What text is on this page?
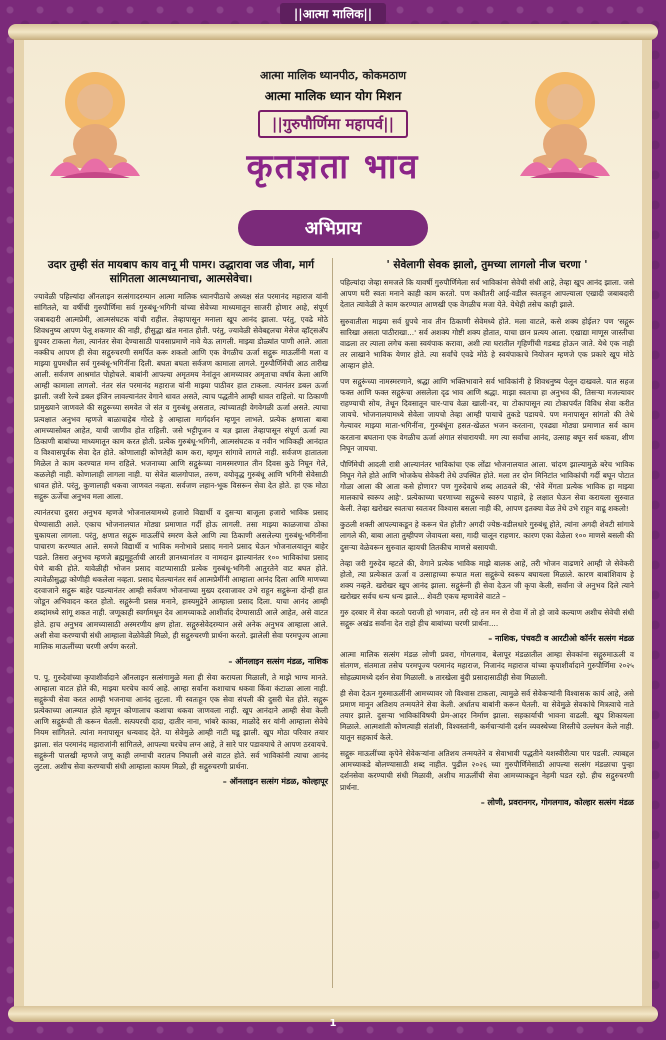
||आत्मा मालिक||
आत्मा मालिक ध्यानपीठ, कोकमठाण
आत्मा मालिक ध्यान योग मिशन
||गुरुपौर्णिमा महापर्व||
कृतज्ञता भाव
अभिप्राय
उदार तुम्ही संत मायबाप काय वानू मी पामर। उद्धारावा जड जीवा, मार्ग सांगितला आत्मध्यानाचा, आत्मसेवेचा।

ज्यावेळी पहिल्यांदा ऑनलाइन सत्संगादरम्यान आत्मा मालिक ध्यानपीठाचे अध्यक्ष संत परमानंद महाराज यांनी सांगितले, या वर्षीची गुरुपौर्णिमा सर्व गुरुबंधू-भगिनी यांच्या सेवेच्या माध्यमातून साजरी होणार आहे, संपूर्ण जबाबदारी आत्मप्रेमी, आत्मसंघटक यांची राहील. तेव्हापासून मनाला खूप आनंद झाला. परंतु, एवढे मोठे शिवधनुष्य आपण पेलू शकणार की नाही, हीसुद्धा खंत मनात होती. परंतु, ज्यावेळी सेवेबद्दलचा मेसेज व्हॉट्सअ‍ॅप ग्रुपवर टाकला गेला, त्यानंतर सेवा देण्यासाठी पावसाप्रमाणे नावे येऊ लागली. माझ्या डोळ्यांत पाणी आले. आता नक्कीच आपण ही सेवा सद्गुरुचरणी समर्पित करू शकतो आणि एक वेगळीच ऊर्जा सद्गुरू माऊलींनी मला व माझ्या ग्रुपमधील सर्व गुरुबंधू-भगिनींना दिली. बघता बघता सर्वजण कामाला लागले. गुरुपौर्णिमेची आठ तारीख आली. सर्वजण आश्रमांत पोहोचले. बाबांनी आपल्या अमृतमय नेनांतून आमच्यावर अमृताचा वर्षाव केला आणि आम्ही कामाला लागलो. नंतर संत परमानंद महाराज यांनी माझ्या पाठीवर हात टाकला. त्यानंतर डबल ऊर्जा झाली. जशी रेल्वे डबल इंजिन लावल्यानंतर वेगाने धावत असते, त्याच पद्धतीने आम्ही धावत राहिलो. या ठिकाणी प्रामुख्याने जाणवले की सद्गुरूच्या समवेत जे संत व गुरुबंधू असतात, त्यांच्यातही वेगवेगळी ऊर्जा असते. त्याचा प्रत्यक्षात अनुभव म्हणजे बाळाचाहेब गोरडे हे आम्हाला मार्गदर्शन म्हणून लाभले. प्रत्येक क्षणाला बाबा आमच्यासोबत आहेत, याची जाणीव होत राहिली. जसे भट्टीपूजन व यज्ञ झाला तेव्हापासून संपूर्ण ऊर्जा त्या ठिकाणी बाबांच्या माध्यमातून काम करत होती. प्रत्येक गुरुबंधू-भगिनी, आत्मसंघटक व नवीन भाविकही आनंदात व विश्वासपूर्वक सेवा देत होते. कोणालाही कोणतेही काम करा, म्हणून सांगावे लागले नाही. सर्वजण हातातला मिळेल ते काम करण्यात मग्न राहिले. भजनाच्या आणि सद्गुरूंच्या नामस्मरणात तीन दिवस कुठे निघून गेले, कळलेही नाही. कोणालाही लागला नाही. या सेवेत बालगोपाल, तरुण, वयोवृद्ध गुरुबंधू आणि भगिनी सेवेसाठी धावत होते. परंतु, कुणालाही थकवा जाणवत नव्हता. सर्वजण लहान-भूक विसरून सेवा देत होते. हा एक मोठा सद्गुरू ऊर्जेचा अनुभव मला आला.

त्यानंतरचा दुसरा अनुभव म्हणजे भोजनालयामध्ये हजारो विद्यार्थी व दुसऱ्या बाजूला हजारो भाविक प्रसाद घेण्यासाठी आले. एकाच भोजनालयात मोठ्या प्रमाणात गर्दी होऊ लागली. तसा माझ्या काळजाचा ठोका चुकायला लागला. परंतु, क्षणात सद्गुरू माऊलींचे स्मरण केले आणि त्या ठिकाणी असलेल्या गुरुबंधू-भगिनींना पाचारण करण्यात आले. समजे विद्यार्थी व भाविक मनोभावे प्रसाद मनाने प्रसाद घेऊन भोजनालयातून बाहेर पडले. तिसरा अनुभव म्हणजे ब्रह्ममुहूर्ताची आरती ज्ञानध्यानांतर व नामदान झाल्यानंतर १०० भाविकांचा प्रसाद घेणे बाकी होते. यावेळीही भोजन प्रसाद वाटप्यासाठी प्रत्येक गुरुबंधू-भगिनी आतुरतेने वाट बघत होते. त्यावेळीसुद्धा कोणीही थकलेला नव्हता. प्रसाद घेतल्यानंतर सर्व आत्मप्रेमींनी आम्हाला आनंद दिला आणि माणच्या दरवाजाने सद्गुरू बाहेर पडल्यानंतर आम्ही सर्वजण भोजनाच्या मुख्य दरवाजावर उभे राहून सद्गुरूंना दोन्ही हात जोडून अभिवादन करत होतो. सद्गुरूंनी प्रसन्न मनाने, हास्यमुद्रेने आम्हाला प्रसाद दिला. याचा आनंद आम्ही शब्दांमध्ये सांगू शकत नाही. जणूकाही स्वर्गामधून देव आमच्याकडे आशीर्वाद देण्यासाठी आले आहेत, असे वाटत होते. हाच अनुभव आमच्यासाठी अस्मरणीय क्षण होता. सद्गुरुसेवेदरम्यान असे अनेक अनुभव आम्हाला आले. अशी सेवा करण्याची संधी आम्हाला वेळोवेळी मिळो, ही सद्गुरुचरणी प्रार्थना करतो. झालेली सेवा परमपूज्य आत्मा मालिक माऊलींच्या चरणी अर्पण करतो.

– ऑनलाइन सत्संग मंडळ, नाशिक

प. पू. गुरुदेवांच्या कृपाशीर्वादाने ऑनलाइन सत्संगामुळे मला ही सेवा करायला मिळाली, ते माझे भाग्य मानते. आम्हाला वाटत होते की, माझ्या घरचेच कार्य आहे. आम्हा सर्वांना कशाचाच थकवा किंवा कंटाळा आला नाही. सद्गुरूंची सेवा करत आम्ही भजनाचा आनंद लुटला. मी स्वतःहून एक सेवा संपली की दुसरी घेत होते. सद्गुरू प्रत्येकाच्या आत्म्यात होते म्हणून कोणालाच कशाचा थकवा जाणवला नाही. खूप आनंदाने आम्ही सेवा केली आणि सद्गुरूंची ती करून घेतली. सत्पयरची दादा, दातीर नाना, भांबरे काका, माळोदे सर यांनी आम्हाला सेवेचे नियम सांगितले. त्यांना मनापासून धन्यवाद देते. या सेवेमुळे आम्ही नाटी घडू झाली. खूप मोठा परिवार तयार झाला. संत परमानंद महाराजांनी सांगितले, आपल्या घरचेच लग्न आहे, ते सारे पार पडावयाचे ते आपण ठरवायचे. सद्गुरूंनी पालखी म्हणजे जणू काही लग्नाची वरातच निघाली असे वाटत होते. सर्व भाविकांनी त्याचा आनंद लुटला. अशीच सेवा करण्याची संधी आम्हाला कायम मिळो, ही सद्गुरुचरणी प्रार्थना.

– ऑनलाइन सत्संग मंडळ, कोल्हापूर
' सेवेलागी सेवक झालो, तुमच्या लागलो नीज चरणा '

पहिल्यांदा जेव्हा समजले कि यावर्षी गुरुपौर्णिमेला सर्व भाविकांना सेवेची संधी आहे, तेव्हा खूप आनंद झाला. जसे आपण घरी स्वतः मनाने काही काम करतो. पण कधीतरी आई-वडील स्वतःहून आपल्याला एखादी जबाबदारी देतात त्यावेळी ते काम करण्यात आणखी एक वेगळीच मजा येते. येथेही तसेच काही झाले.

सुरुवातीला माझ्या सर्व ग्रुपचे नाव तीन ठिकाणी सेवेमध्ये होते. मला वाटले, कसे शक्य होईल? पण 'सद्गुरू सारिखा असता पाठीराखा...' सर्व अशक्य गोष्टी शक्य होतात, याचा छान प्रत्यय आला. एखाद्या माणूस जास्तीचा वाढला तर त्याला लगेच कसा स्वयंपाक करावा, अशी त्या घरातील गृहिणींची गडबड होऊन जाते. येथे एक नाही तर लाखाने भाविक येणार होते. त्या सर्वांचे एवढे मोठे हे स्वयंपाकाचे नियोजन म्हणजे एक प्रकारे खूप मोठे आव्हान होते.

पण सद्गुरूंच्या नामस्मरणाने, श्रद्धा आणि भक्तिभावाने सर्व भाविकांनी हे शिवधनुष्य पेलून दाखवले. यात सहज फक्त आणि फक्त सद्गुरूंचा असलेला दृढ भाव आणि श्रद्धा. माझा स्वतःचा हा अनुभव की, तिसऱ्या मजल्यावर राहण्याची सोय, तेथून दिवसातून चार-पाच वेळा खाली-वर, या टोकापासून त्या टोकापर्यंत विविध सेवा करीत जायचे. भोजनालयामध्ये सेवेला जायचो तेव्हा आम्ही पायाचे तुकडे पडायचे. पण मनापासून सांगतो की तेथे गेल्यावर माझ्या माता-भगिनींना, गुरुबंधूंना हसत-खेळत भजन करताना, एवढ्या मोठ्या प्रमाणात सर्व काम करताना बघताना एक वेगळीच ऊर्जा अंगात संचारायची. मग त्या सर्वांचा आनंद, उत्साह बघून सर्व थकवा, शीण निघून जायचा.

पौर्णिमेची आदली रात्री आल्यानंतर भाविकांचा एक लोंढा भोजनालयात आला. चांदण झाल्यामुळे बरेच भाविक निघून गेले होते आणि भोजकेच सेवेकरी तेथे उपस्थित होते. मला तर दोन मिनिटांत भाविकांची गर्दी बघून पोटात गोळा आला की आता कसे होणार? पण गुरुदेवाचे शब्द आठवले की, 'सेवे मेंगता प्रत्येक भाविक हा माझ्या मालकाचे स्वरूप आहे'. प्रत्येकाच्या चरणाच्या सद्गुरूचे स्वरुप पाहावे, हे लक्षात घेऊन सेवा करायला सुरुवात केली. तेव्हा खरोखर स्वतःचा स्वतःवर विश्वास बसला नाही की, आपण इतक्या वेळ तेथे उभे राहून वाढू शकलो!

कुठली शक्ती आपल्याकडून हे करून घेत होती? अगदी ज्येष्ठ-वडीलधारे गुरुबंधू होते, त्यांना अगदी शेवटी सांगावे लागले की, बाबा आता तुम्हीपण जेवायला बसा, गादी चालून राहणार. कारण एका वेळेला १०० माणसे बसली की दुसऱ्या वेळेवरून सुरुवात व्हायची तितकीच माणसे बसायची.

तेव्हा जरी गुरुदेव म्हटले की, वेगाने प्रत्येक भाविक माझे बालक आहे, तरी भोजन वाढणारे आम्ही जे सेवेकरी होतो, त्या प्रत्येकात ऊर्जा व उत्साहाच्या रूपात मला सद्गुरूंचे स्वरूप बघायला मिळाले. कारण बाबांशिवाय हे शक्य नव्हते. खरोखर खूप आनंद झाला. सद्गुरूंनी ही सेवा देऊन जी कृपा केली, सर्वांना जे अनुभव दिले त्याने खरोखर सर्वच धन्य धन्य झाले... शेवटी एकच म्हणावेसे वाटते –

गुरु दरबार में सेवा करतो पराजी हो भगवान, तरी रहे तन मन से रोवा में तो हो जावे कल्याण अशीच सेवेची संधी सद्गुरू अखंड सर्वांना देत राहो हीच बाबांच्या चरणी प्रार्थना....

– नाशिक, पंचवटी व आरटीओ कॉर्नर सत्संग मंडळ

आत्मा मालिक सत्संग मंडळ लोणी प्रवरा, गोगलगाव, बेलापूर मंडळातील आम्हा सेवकांना सद्गुरुमाऊली व संतगण, संतमाता तसेच परमपूज्य परमानंद महाराज, निजानंद महाराज यांच्या कृपाशीर्वादाने गुरुपौर्णिमा २०२५ सोहळ्यामध्ये दर्शन सेवा मिळाली. ७ तारखेला बुंदी प्रसादासाठीही सेवा मिळाली.

ही सेवा देऊन गुरुमाऊलींनी आमच्यावर जो विश्वास टाकला, त्यामुळे सर्व सेवेकऱ्यांनी विश्वासक कार्य आहे, असे प्रमाण मानून अतिशय तन्मयतेने सेवा केली. अर्धातच बाबांनी करून घेतली. या सेवेमुळे सेवकांचे मित्रत्वाचे नाते तयार झाले. दुसऱ्या भाविकांविषयी प्रेम-आदर निर्माण झाला. सहकार्याची भावना वाढली. खूप शिकायला मिळाले. आत्मशांती कोणत्याही संतांशी, विश्वस्तांनी, कर्मचाऱ्यांनी दर्शन व्यवस्थेच्या शिस्तीचे उल्लंघन केले नाही. यातून सहकार्य केले.

सद्गुरू माऊलींच्या कृपेने सेवेकऱ्यांना अतिशय तन्मयतेने व सेवाभावी पद्धतीने यशस्वीरीत्या पार पडली. त्याबद्दल आमच्याकडे बोलण्यासाठी शब्द नाहीत. पुढील २०२६ च्या गुरुपौर्णिमेसाठी आपल्या सत्संग मंडळाचा पुन्हा दर्शनसेवा करण्याची संधी मिळावी, अशीच माऊलींची सेवा आमच्याकडून नेहमी घडत रहो. हीच सद्गुरुचरणी प्रार्थना.

– लोणी, प्रवरानगर, गोगलगाव, कोल्हार सत्संग मंडळ
1
